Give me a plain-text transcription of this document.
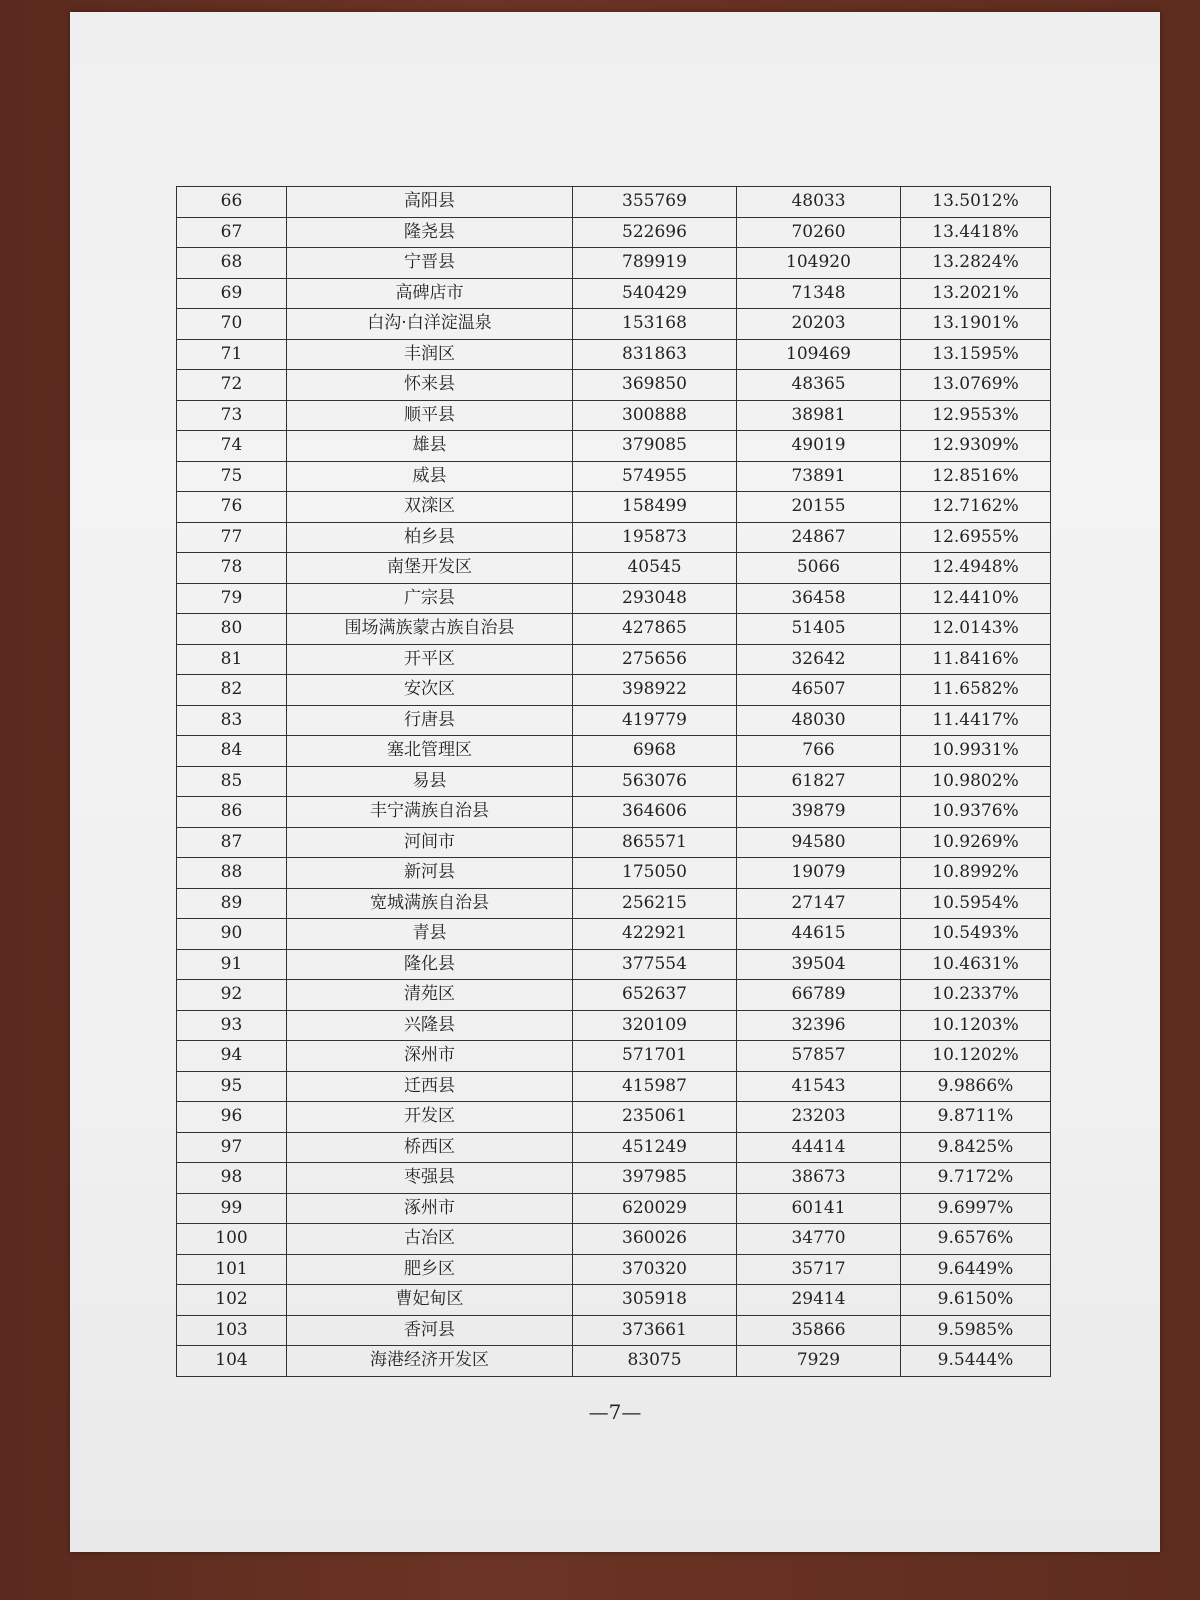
66	高阳县	355769	48033	13.5012%
67	隆尧县	522696	70260	13.4418%
68	宁晋县	789919	104920	13.2824%
69	高碑店市	540429	71348	13.2021%
70	白沟·白洋淀温泉	153168	20203	13.1901%
71	丰润区	831863	109469	13.1595%
72	怀来县	369850	48365	13.0769%
73	顺平县	300888	38981	12.9553%
74	雄县	379085	49019	12.9309%
75	威县	574955	73891	12.8516%
76	双滦区	158499	20155	12.7162%
77	柏乡县	195873	24867	12.6955%
78	南堡开发区	40545	5066	12.4948%
79	广宗县	293048	36458	12.4410%
80	围场满族蒙古族自治县	427865	51405	12.0143%
81	开平区	275656	32642	11.8416%
82	安次区	398922	46507	11.6582%
83	行唐县	419779	48030	11.4417%
84	塞北管理区	6968	766	10.9931%
85	易县	563076	61827	10.9802%
86	丰宁满族自治县	364606	39879	10.9376%
87	河间市	865571	94580	10.9269%
88	新河县	175050	19079	10.8992%
89	宽城满族自治县	256215	27147	10.5954%
90	青县	422921	44615	10.5493%
91	隆化县	377554	39504	10.4631%
92	清苑区	652637	66789	10.2337%
93	兴隆县	320109	32396	10.1203%
94	深州市	571701	57857	10.1202%
95	迁西县	415987	41543	9.9866%
96	开发区	235061	23203	9.8711%
97	桥西区	451249	44414	9.8425%
98	枣强县	397985	38673	9.7172%
99	涿州市	620029	60141	9.6997%
100	古冶区	360026	34770	9.6576%
101	肥乡区	370320	35717	9.6449%
102	曹妃甸区	305918	29414	9.6150%
103	香河县	373661	35866	9.5985%
104	海港经济开发区	83075	7929	9.5444%
—7—
